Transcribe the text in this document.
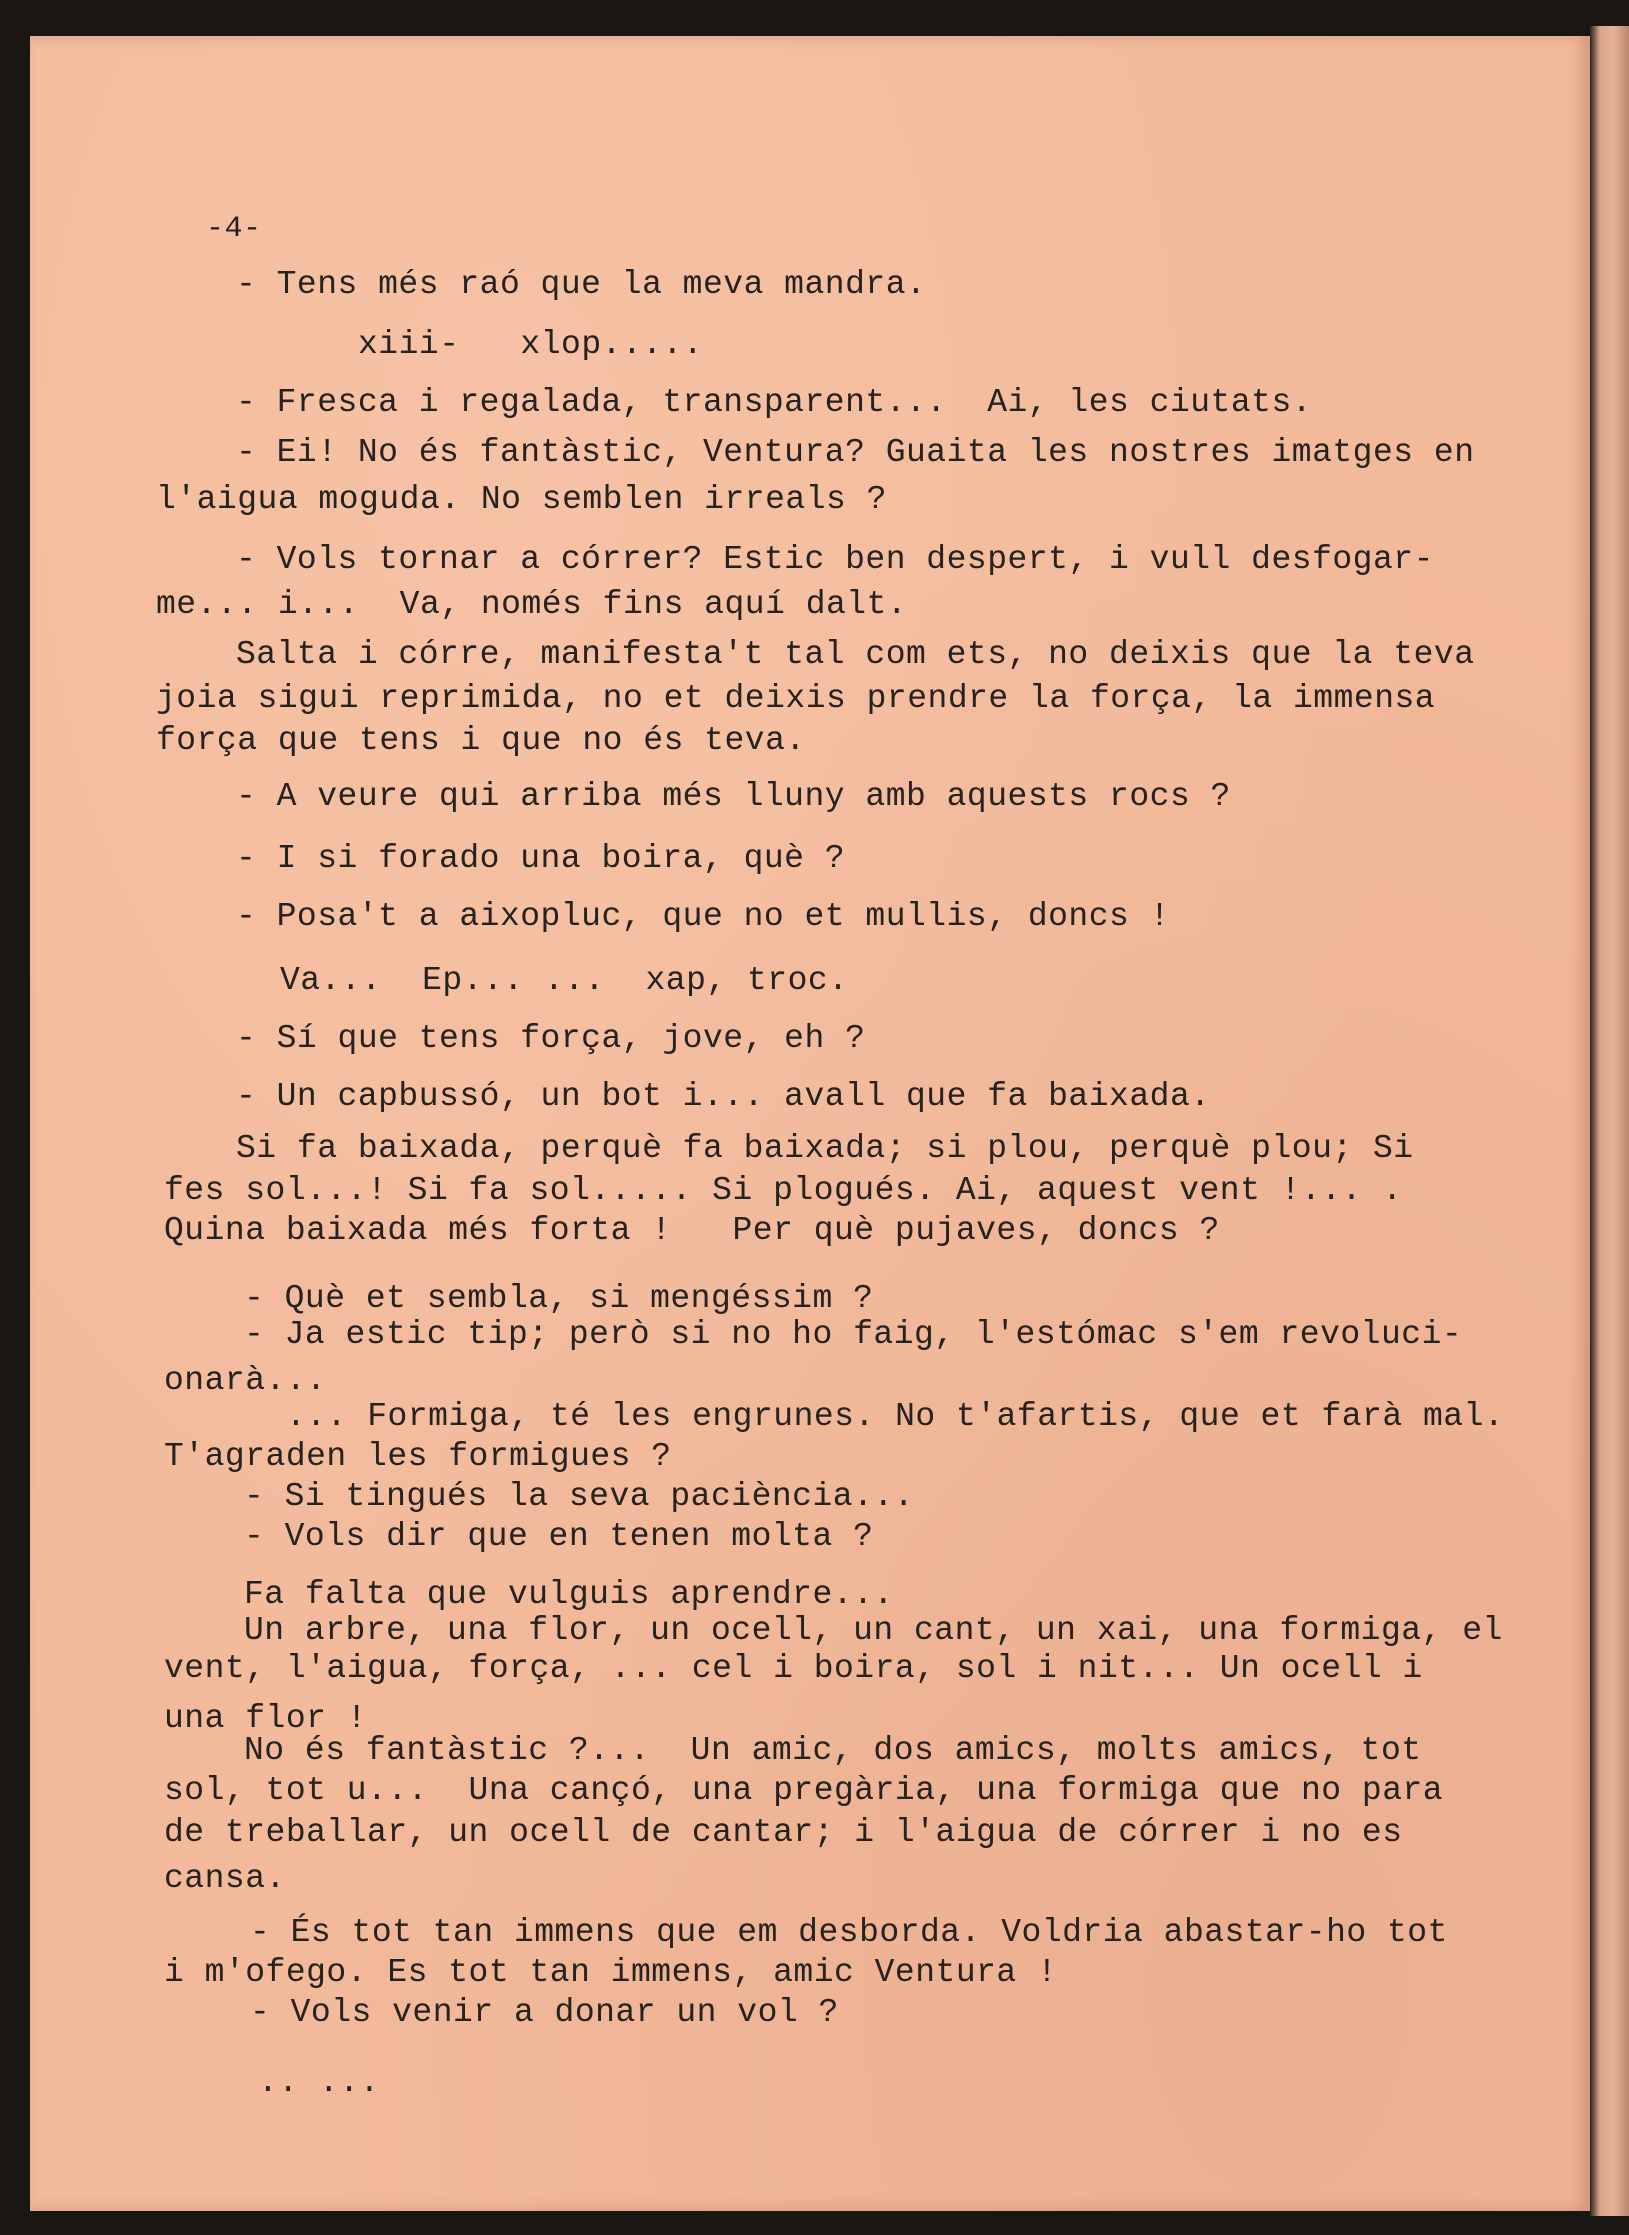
-4-
- Tens més raó que la meva mandra.
xiii-   xlop.....
- Fresca i regalada, transparent...  Ai, les ciutats.
- Ei! No és fantàstic, Ventura? Guaita les nostres imatges en
l'aigua moguda. No semblen irreals ?
- Vols tornar a córrer? Estic ben despert, i vull desfogar-
me... i...  Va, només fins aquí dalt.
Salta i córre, manifesta't tal com ets, no deixis que la teva
joia sigui reprimida, no et deixis prendre la força, la immensa
força que tens i que no és teva.
- A veure qui arriba més lluny amb aquests rocs ?
- I si forado una boira, què ?
- Posa't a aixopluc, que no et mullis, doncs !
Va...  Ep... ...  xap, troc.
- Sí que tens força, jove, eh ?
- Un capbussó, un bot i... avall que fa baixada.
Si fa baixada, perquè fa baixada; si plou, perquè plou; Si
fes sol...! Si fa sol..... Si plogués. Ai, aquest vent !... .
Quina baixada més forta !   Per què pujaves, doncs ?
- Què et sembla, si mengéssim ?
- Ja estic tip; però si no ho faig, l'estómac s'em revoluci-
onarà...
... Formiga, té les engrunes. No t'afartis, que et farà mal.
T'agraden les formigues ?
- Si tingués la seva paciència...
- Vols dir que en tenen molta ?
Fa falta que vulguis aprendre...
Un arbre, una flor, un ocell, un cant, un xai, una formiga, el
vent, l'aigua, força, ... cel i boira, sol i nit... Un ocell i
una flor !
No és fantàstic ?...  Un amic, dos amics, molts amics, tot
sol, tot u...  Una cançó, una pregària, una formiga que no para
de treballar, un ocell de cantar; i l'aigua de córrer i no es
cansa.
- És tot tan immens que em desborda. Voldria abastar-ho tot
i m'ofego. Es tot tan immens, amic Ventura !
- Vols venir a donar un vol ?
.. ...
